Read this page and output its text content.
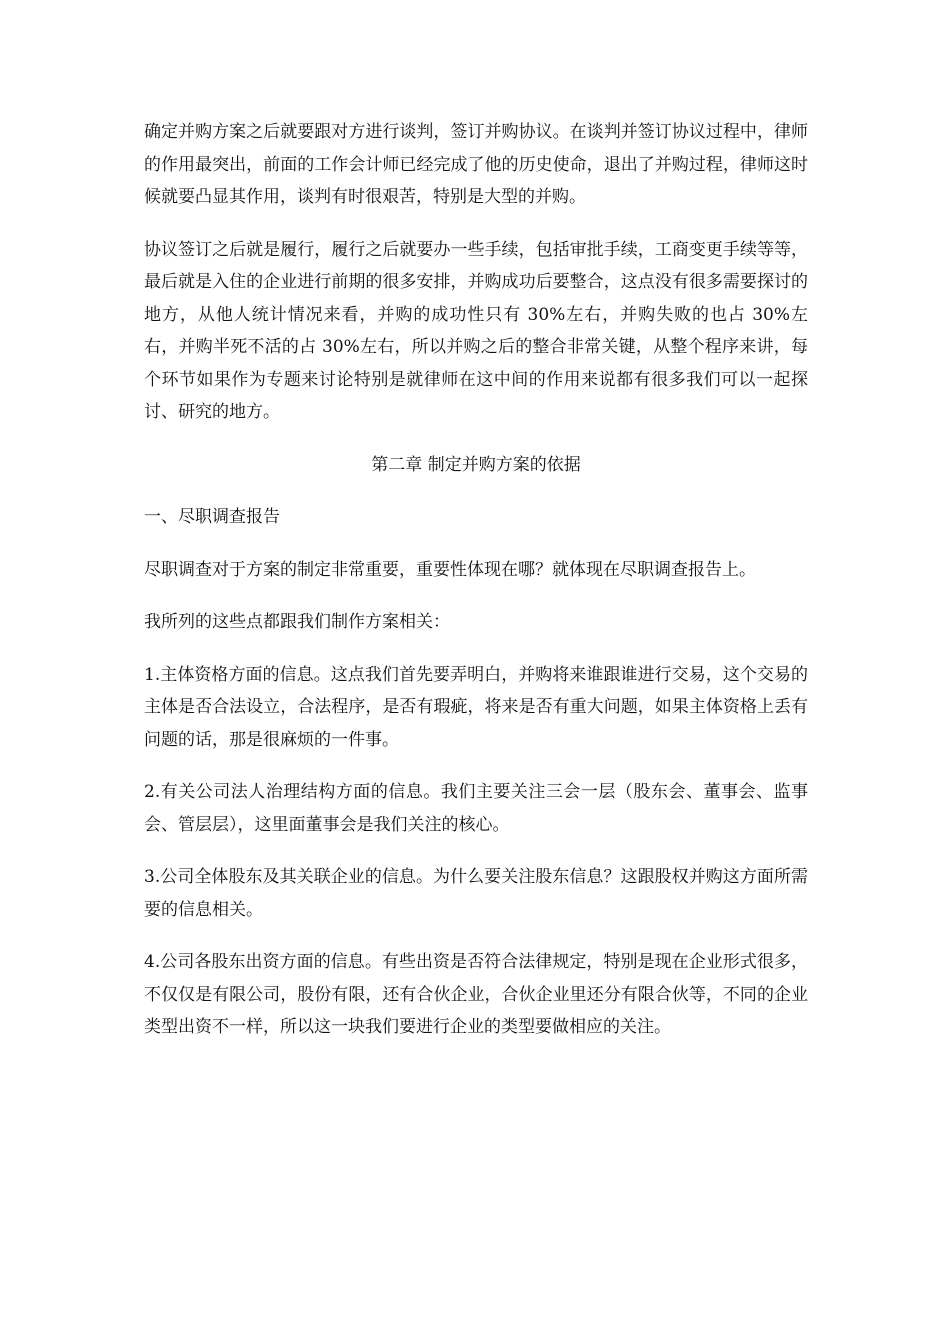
确定并购方案之后就要跟对方进行谈判，签订并购协议。在谈判并签订协议过程中，律师的作用最突出，前面的工作会计师已经完成了他的历史使命，退出了并购过程，律师这时候就要凸显其作用，谈判有时很艰苦，特别是大型的并购。

协议签订之后就是履行，履行之后就要办一些手续，包括审批手续，工商变更手续等等，最后就是入住的企业进行前期的很多安排，并购成功后要整合，这点没有很多需要探讨的地方，从他人统计情况来看，并购的成功性只有 30%左右，并购失败的也占 30%左右，并购半死不活的占 30%左右，所以并购之后的整合非常关键，从整个程序来讲，每个环节如果作为专题来讨论特别是就律师在这中间的作用来说都有很多我们可以一起探讨、研究的地方。

第二章 制定并购方案的依据

一、尽职调查报告

尽职调查对于方案的制定非常重要，重要性体现在哪？就体现在尽职调查报告上。

我所列的这些点都跟我们制作方案相关：

1.主体资格方面的信息。这点我们首先要弄明白，并购将来谁跟谁进行交易，这个交易的主体是否合法设立，合法程序，是否有瑕疵，将来是否有重大问题，如果主体资格上丢有问题的话，那是很麻烦的一件事。

2.有关公司法人治理结构方面的信息。我们主要关注三会一层（股东会、董事会、监事会、管层层），这里面董事会是我们关注的核心。

3.公司全体股东及其关联企业的信息。为什么要关注股东信息？这跟股权并购这方面所需要的信息相关。

4.公司各股东出资方面的信息。有些出资是否符合法律规定，特别是现在企业形式很多，不仅仅是有限公司，股份有限，还有合伙企业，合伙企业里还分有限合伙等，不同的企业类型出资不一样，所以这一块我们要进行企业的类型要做相应的关注。
